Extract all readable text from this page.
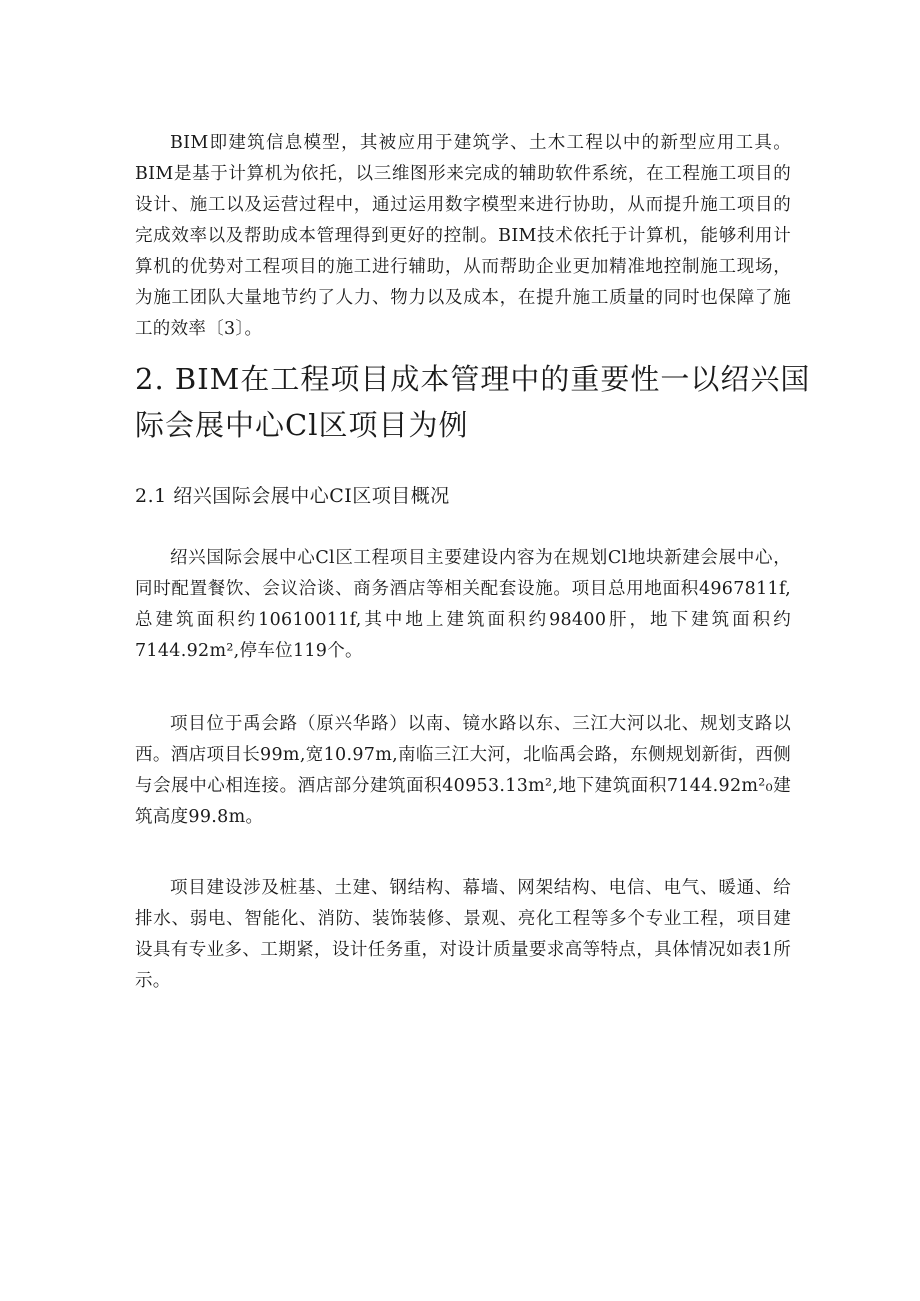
BIM即建筑信息模型，其被应用于建筑学、土木工程以中的新型应用工具。BIM是基于计算机为依托，以三维图形来完成的辅助软件系统，在工程施工项目的设计、施工以及运营过程中，通过运用数字模型来进行协助，从而提升施工项目的完成效率以及帮助成本管理得到更好的控制。BIM技术依托于计算机，能够利用计算机的优势对工程项目的施工进行辅助，从而帮助企业更加精准地控制施工现场，为施工团队大量地节约了人力、物力以及成本，在提升施工质量的同时也保障了施工的效率〔3〕。

2. BIM在工程项目成本管理中的重要性一以绍兴国际会展中心Cl区项目为例
2.1 绍兴国际会展中心CI区项目概况

绍兴国际会展中心Cl区工程项目主要建设内容为在规划Cl地块新建会展中心，同时配置餐饮、会议洽谈、商务酒店等相关配套设施。项目总用地面积4967811f,总建筑面积约10610011f,其中地上建筑面积约98400肝，地下建筑面积约7144.92m²,停车位119个。

项目位于禹会路（原兴华路）以南、镜水路以东、三江大河以北、规划支路以西。酒店项目长99m,宽10.97m,南临三江大河，北临禹会路，东侧规划新街，西侧与会展中心相连接。酒店部分建筑面积40953.13m²,地下建筑面积7144.92m²₀建筑高度99.8m。

项目建设涉及桩基、土建、钢结构、幕墙、网架结构、电信、电气、暖通、给排水、弱电、智能化、消防、装饰装修、景观、亮化工程等多个专业工程，项目建设具有专业多、工期紧，设计任务重，对设计质量要求高等特点，具体情况如表1所示。
